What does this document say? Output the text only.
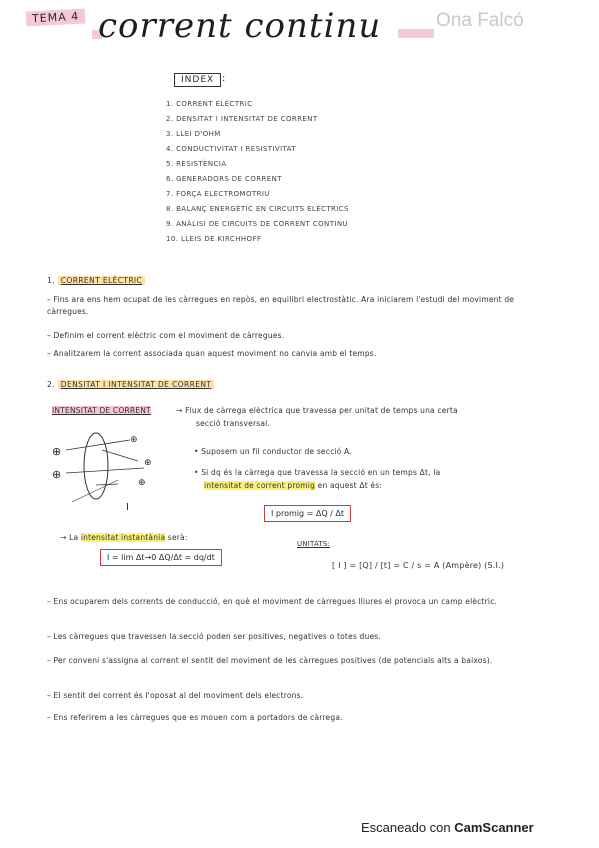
TEMA 4 corrent continu	Ona Falcó
INDEX :
1. CORRENT ELÈCTRIC
2. DENSITAT I INTENSITAT DE CORRENT
3. LLEI D'OHM
4. CONDUCTIVITAT I RESISTIVITAT
5. RESISTÈNCIA
6. GENERADORS DE CORRENT
7. FORÇA ELECTROMOTRIU
8. BALANÇ ENERGÈTIC EN CIRCUITS ELÈCTRICS
9. ANÀLISI DE CIRCUITS DE CORRENT CONTINU
10. LLEIS DE KIRCHHOFF
1. CORRENT ELÈCTRIC
– Fins ara ens hem ocupat de les càrregues en repòs, en equilibri electrostàtic. Ara iniciarem l'estudi del moviment de càrregues.
– Definim el corrent elèctric com el moviment de càrregues.
– Analitzarem la corrent associada quan aquest moviment no canvia amb el temps.
2. DENSITAT I INTENSITAT DE CORRENT
INTENSITAT DE CORRENT	→ Flux de càrrega elèctrica que travessa per unitat de temps una certa
secció transversal.
⊕
⊕
⊕
⊕
⊕
I
• Suposem un fil conductor de secció A.
• Si dq és la càrrega que travessa la secció en un temps Δt, la
intensitat de corrent promig en aquest Δt és:
I promig = ΔQ / Δt
→ La intensitat instantània serà:
I = lim Δt→0 ΔQ/Δt = dq/dt
UNITATS:
[ I ] = [Q] / [t] = C / s = A (Ampère) (S.I.)
– Ens ocuparem dels corrents de conducció, en què el moviment de càrregues lliures el provoca un camp elèctric.
– Les càrregues que travessen la secció poden ser positives, negatives o totes dues.
– Per conveni s'assigna al corrent el sentit del moviment de les càrregues positives (de potencials alts a baixos).
– El sentit del corrent és l'oposat al del moviment dels electrons.
– Ens referirem a les càrregues que es mouen com a portadors de càrrega.
Escaneado con CamScanner
